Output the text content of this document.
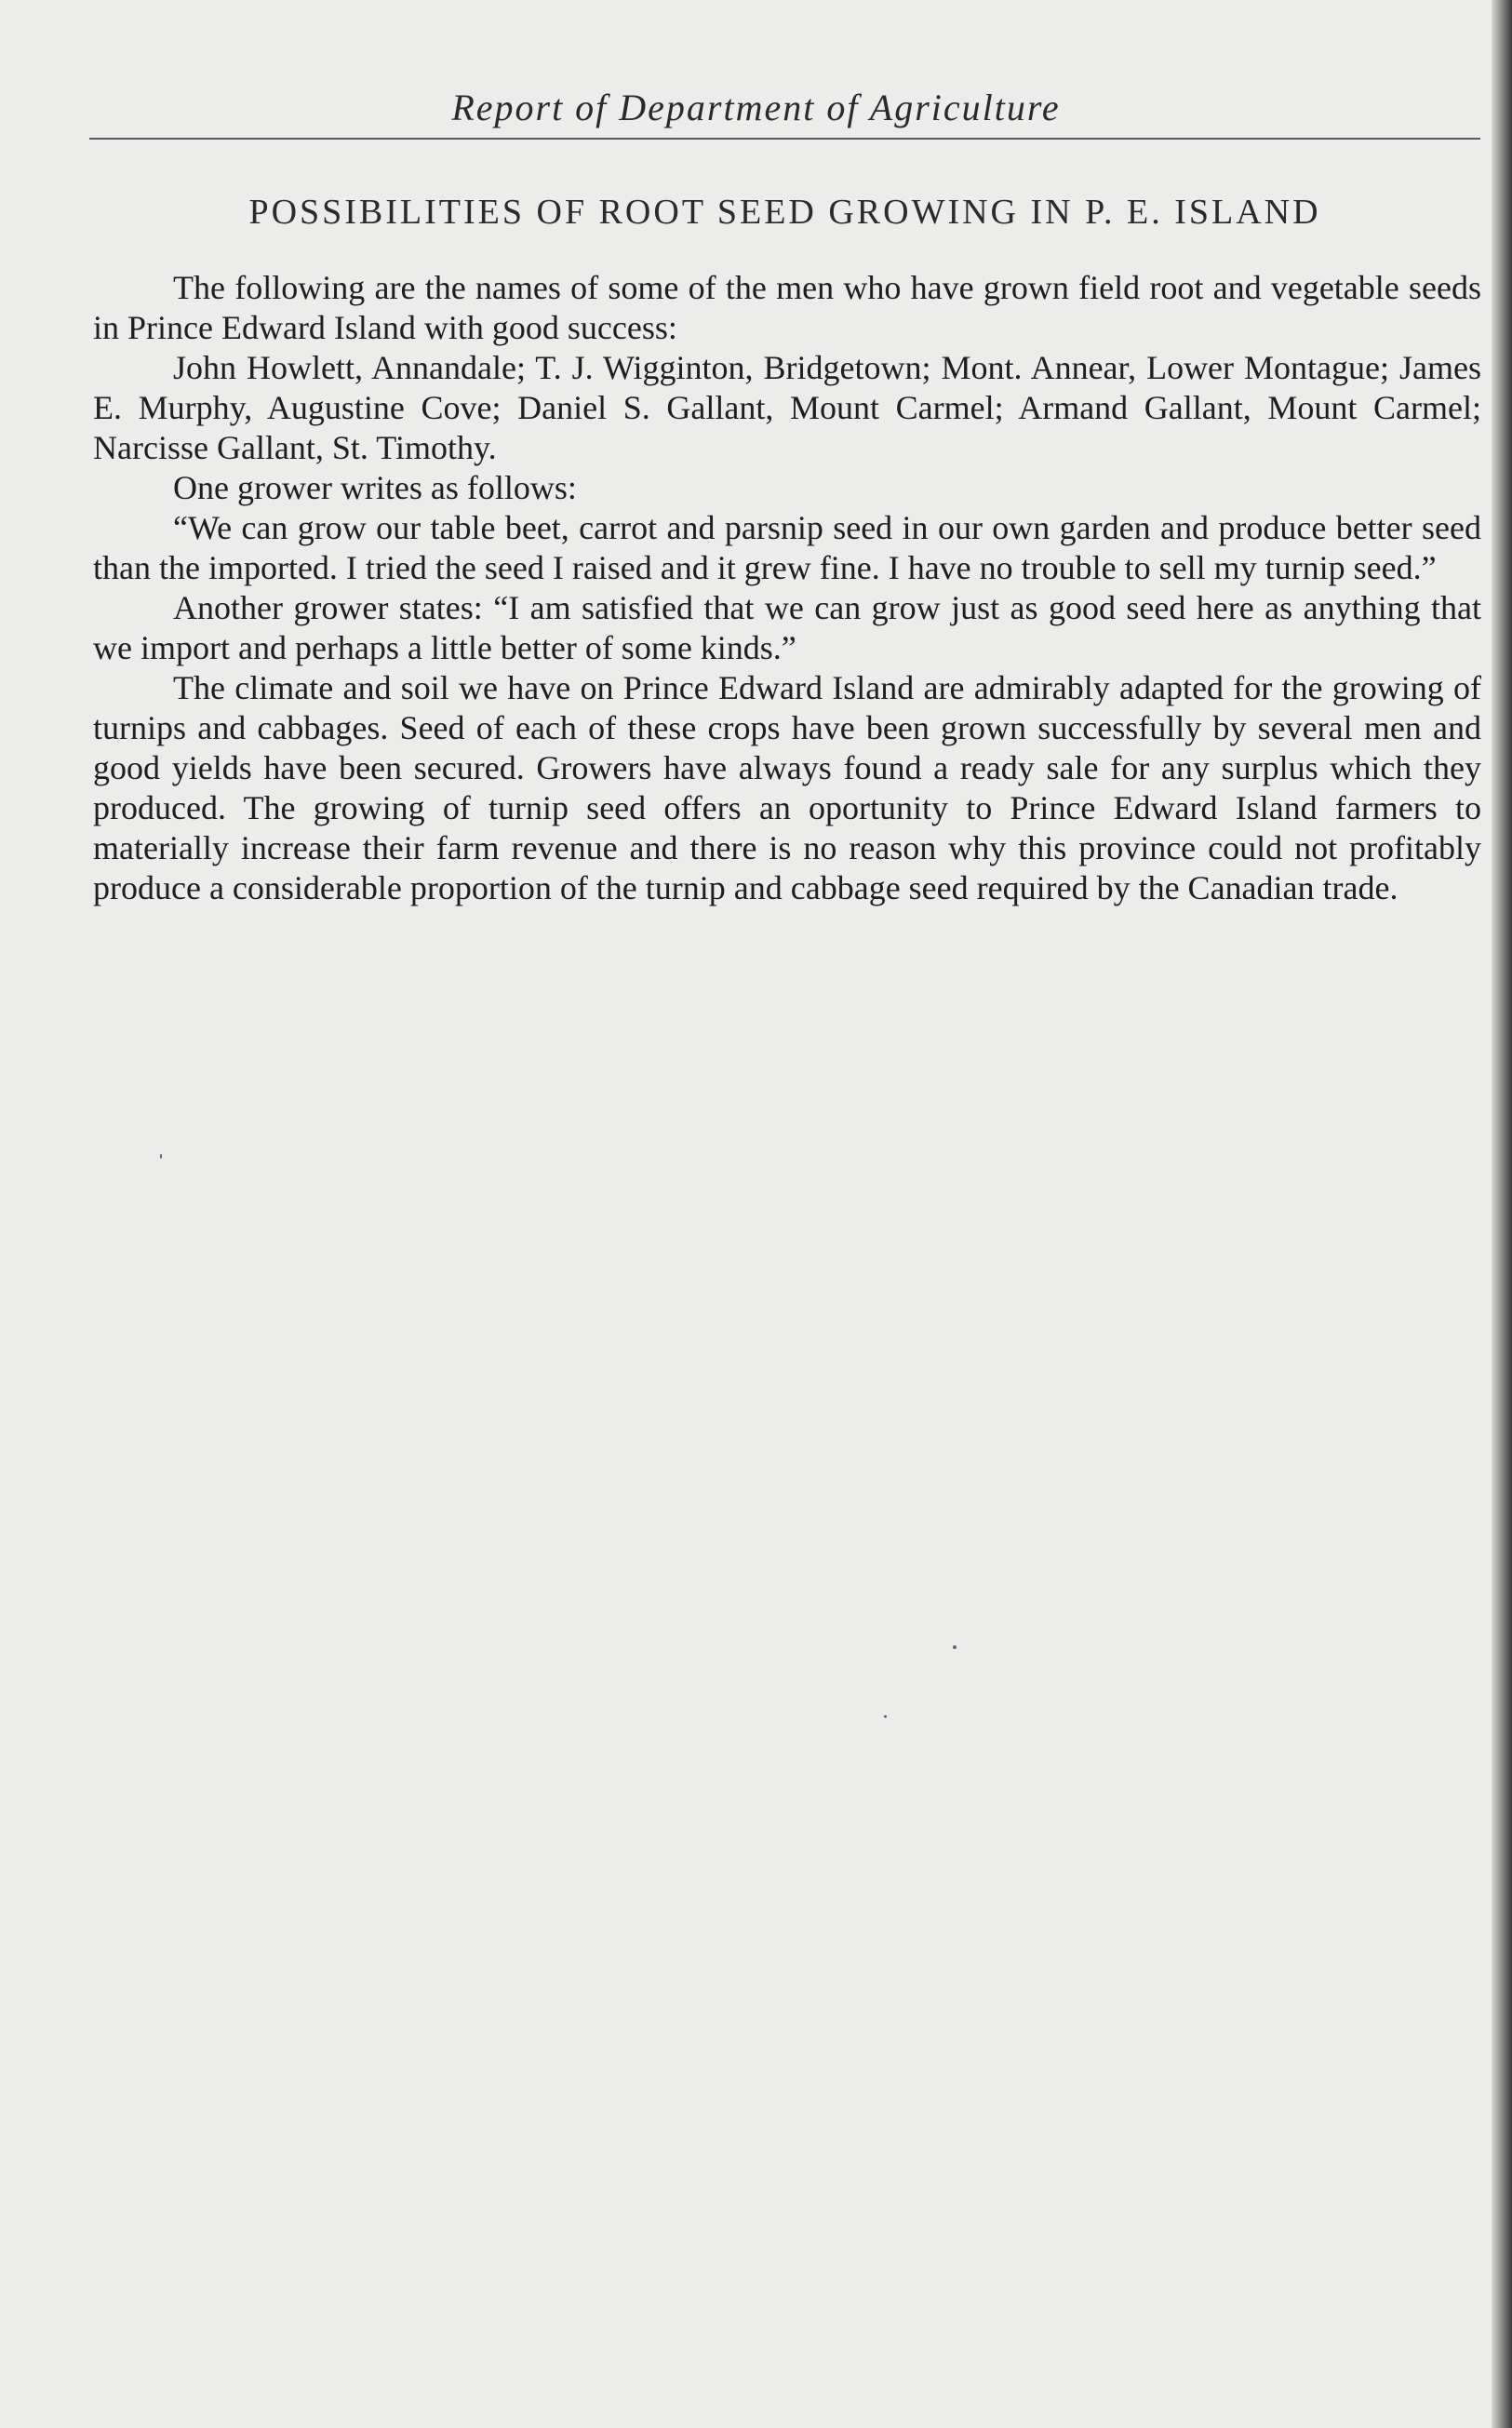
Report of Department of Agriculture
POSSIBILITIES OF ROOT SEED GROWING IN P. E. ISLAND

The following are the names of some of the men who have grown field root and vegetable seeds in Prince Edward Island with good success:

John Howlett, Annandale; T. J. Wigginton, Bridgetown; Mont. Annear, Lower Montague; James E. Murphy, Augustine Cove; Daniel S. Gallant, Mount Carmel; Armand Gallant, Mount Carmel; Narcisse Gallant, St. Timothy.

One grower writes as follows:

“We can grow our table beet, carrot and parsnip seed in our own garden and produce better seed than the imported. I tried the seed I raised and it grew fine. I have no trouble to sell my turnip seed.”

Another grower states: “I am satisfied that we can grow just as good seed here as anything that we import and perhaps a little better of some kinds.”

The climate and soil we have on Prince Edward Island are admirably adapted for the growing of turnips and cabbages. Seed of each of these crops have been grown successfully by several men and good yields have been secured. Growers have always found a ready sale for any surplus which they produced. The growing of turnip seed offers an oportunity to Prince Edward Island farmers to materially increase their farm revenue and there is no reason why this province could not profitably produce a considerable proportion of the turnip and cabbage seed required by the Canadian trade.
